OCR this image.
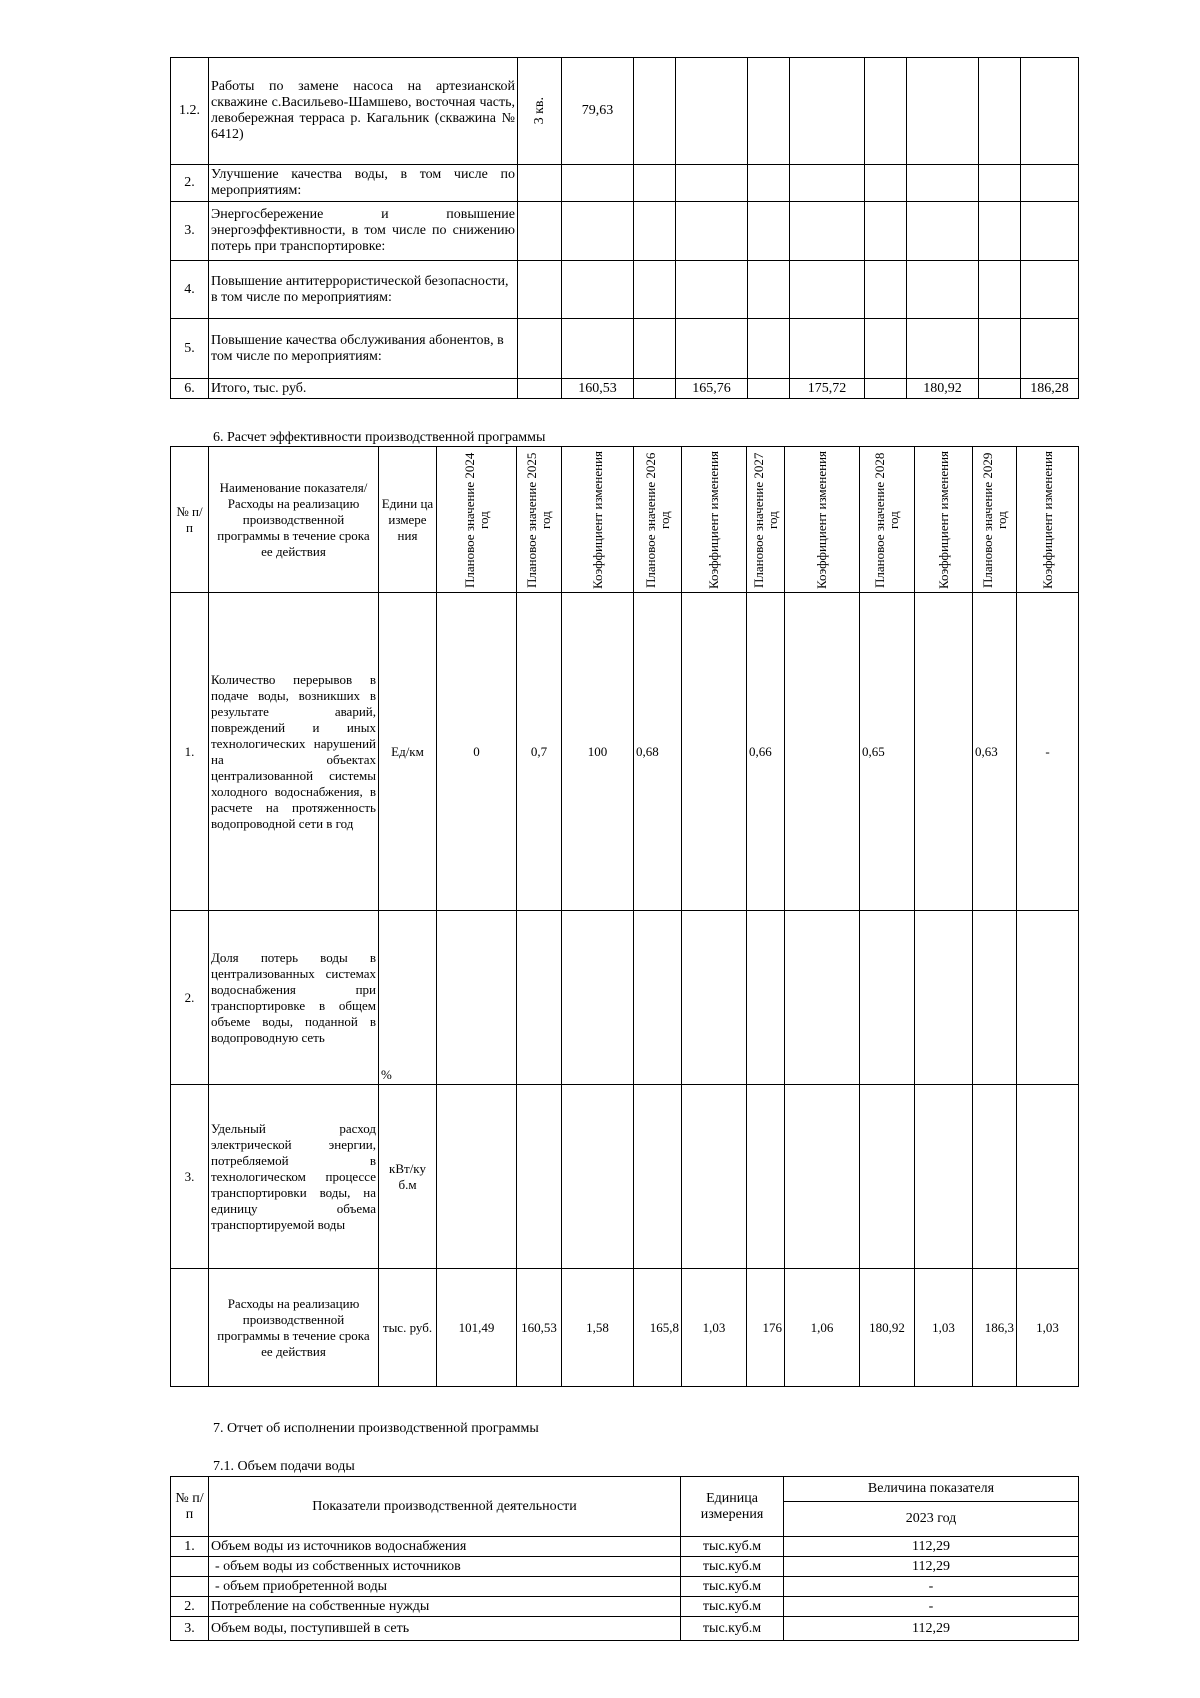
1.2.	Работы по замене насоса на артезианской скважине с.Васильево-Шамшево, восточная часть, левобережная терраса р. Кагальник (скважина № 6412)	3 кв.	79,63								
2.	Улучшение качества воды, в том числе по мероприятиям:										
3.	Энергосбережение и повышение энергоэффективности, в том числе по снижению потерь при транспортировке:										
4.	Повышение антитеррористической безопасности, в том числе по мероприятиям:										
5.	Повышение качества обслуживания абонентов, в том числе по мероприятиям:										
6.	Итого, тыс. руб.		160,53		165,76		175,72		180,92		186,28
6. Расчет эффективности производственной программы
№ п/п	Наименование показателя/Расходы на реализацию производственной программы в течение срока ее действия	Едини ца измере ния	Плановое значение 2024 год	Плановое значение 2025 год	Коэффициент изменения	Плановое значение 2026 год	Коэффициент изменения	Плановое значение 2027 год	Коэффициент изменения	Плановое значение 2028 год	Коэффициент изменения	Плановое значение 2029 год	Коэффициент изменения

1.	Количество перерывов в подаче воды, возникших в результате аварий, повреждений и иных технологических нарушений на объектах централизованной системы холодного водоснабжения, в расчете на протяженность водопроводной сети в год	Ед/км	0	0,7	100	0,68		0,66		0,65		0,63	-
2.	Доля потерь воды в централизованных системах водоснабжения при транспортировке в общем объеме воды, поданной в водопроводную сеть	%											
3.	Удельный расход электрической энергии, потребляемой в технологическом процессе транспортировки воды, на единицу объема транспортируемой воды	кВт/ку б.м											
	Расходы на реализацию производственной программы в течение срока ее действия	тыс. руб.	101,49	160,53	1,58	165,8	1,03	176	1,06	180,92	1,03	186,3	1,03
7. Отчет об исполнении производственной программы
7.1. Объем подачи воды
№ п/п	Показатели производственной деятельности	Единица измерения	Величина показателя
			2023 год
1.	Объем воды из источников водоснабжения	тыс.куб.м	112,29
	- объем воды из собственных источников	тыс.куб.м	112,29
	- объем приобретенной воды	тыс.куб.м	-
2.	Потребление на собственные нужды	тыс.куб.м	-
3.	Объем воды, поступившей в сеть	тыс.куб.м	112,29
